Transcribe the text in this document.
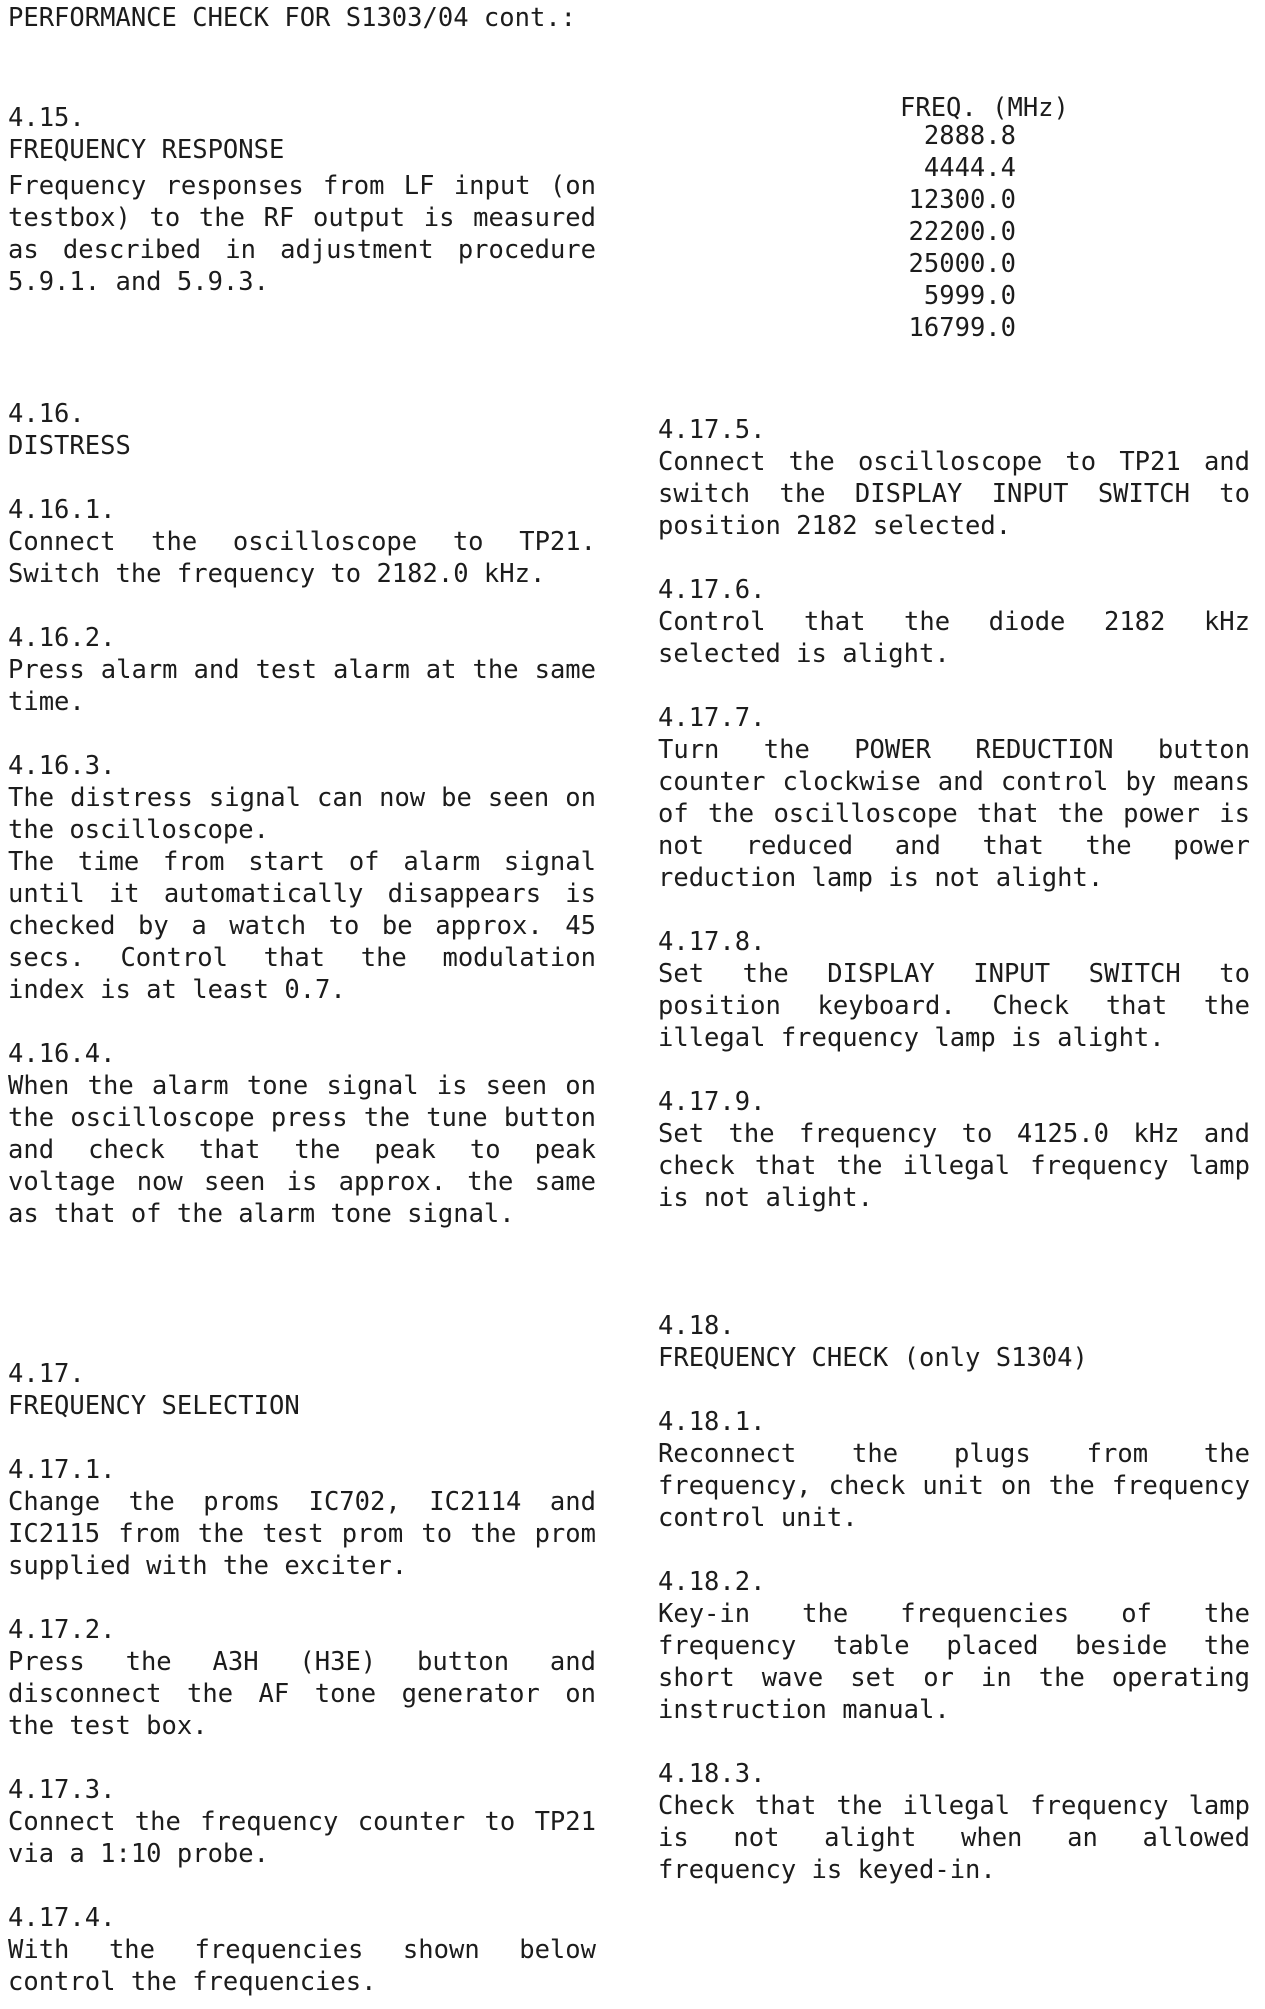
PERFORMANCE CHECK FOR S1303/04 cont.:
FREQ. (MHz)
2888.8
4444.4
12300.0
22200.0
25000.0
5999.0
16799.0
4.15.
FREQUENCY RESPONSE

Frequency responses from LF input (on testbox) to the RF output is measured as described in adjustment procedure 5.9.1. and 5.9.3.

4.16.
DISTRESS
4.16.1.

Connect the oscilloscope to TP21. Switch the frequency to 2182.0 kHz.

4.16.2.

Press alarm and test alarm at the same time.

4.16.3.

The distress signal can now be seen on the oscilloscope.

The time from start of alarm signal until it automatically disappears is checked by a watch to be approx. 45 secs. Control that the modulation index is at least 0.7.

4.16.4.

When the alarm tone signal is seen on the oscilloscope press the tune button and check that the peak to peak voltage now seen is approx. the same as that of the alarm tone signal.

4.17.
FREQUENCY SELECTION
4.17.1.

Change the proms IC702, IC2114 and IC2115 from the test prom to the prom supplied with the exciter.

4.17.2.

Press the A3H (H3E) button and disconnect the AF tone generator on the test box.

4.17.3.

Connect the frequency counter to TP21 via a 1:10 probe.

4.17.4.

With the frequencies shown below control the frequencies.

4.17.5.

Connect the oscilloscope to TP21 and switch the DISPLAY INPUT SWITCH to position 2182 selected.

4.17.6.

Control that the diode 2182 kHz selected is alight.

4.17.7.

Turn the POWER REDUCTION button counter clockwise and control by means of the oscilloscope that the power is not reduced and that the power reduction lamp is not alight.

4.17.8.

Set the DISPLAY INPUT SWITCH to position keyboard. Check that the illegal frequency lamp is alight.

4.17.9.

Set the frequency to 4125.0 kHz and check that the illegal frequency lamp is not alight.

4.18.
FREQUENCY CHECK (only S1304)
4.18.1.

Reconnect the plugs from the frequency, check unit on the frequency control unit.

4.18.2.

Key-in the frequencies of the frequency table placed beside the short wave set or in the operating instruction manual.

4.18.3.

Check that the illegal frequency lamp is not alight when an allowed frequency is keyed-in.
